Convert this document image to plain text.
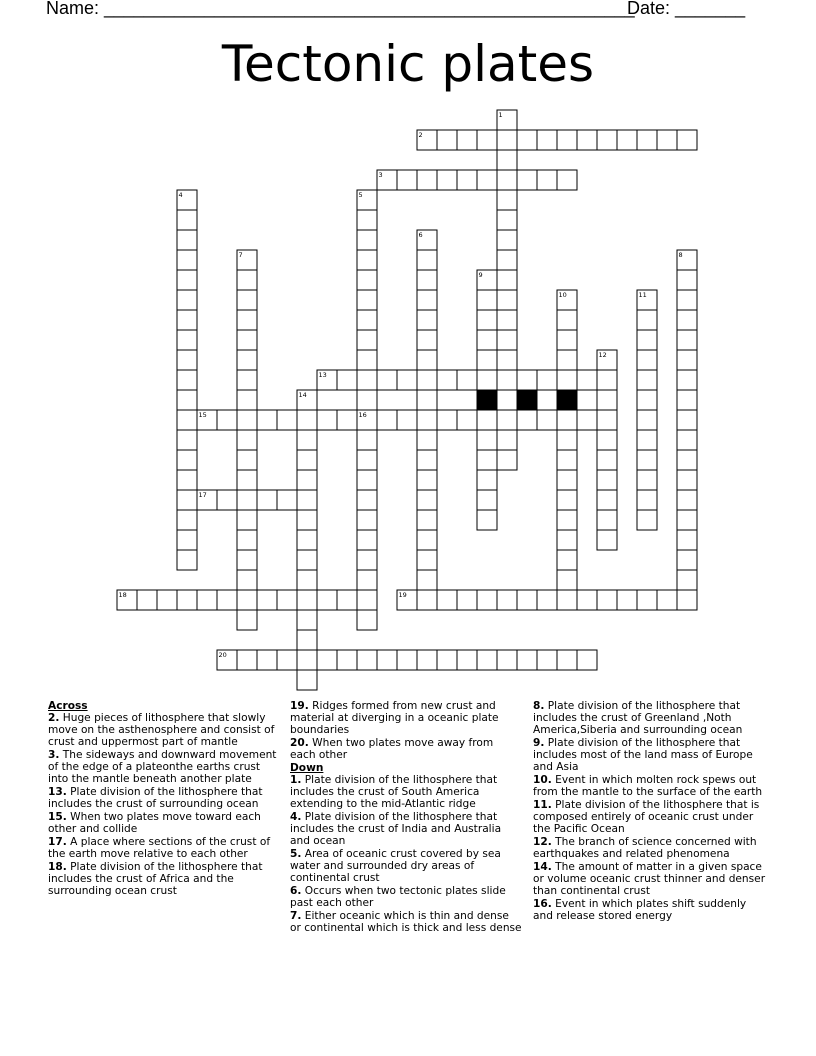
Name: _____________________________________________________
Date: _______
Tectonic plates
1
2
3
4	5
6
7	8
9
10	11
12
13
14
15	16
17
18	19
20
Across
2. Huge pieces of lithosphere that slowly move on the asthenosphere and consist of crust and uppermost part of mantle
3. The sideways and downward movement of the edge of a plateonthe earths crust into the mantle beneath another plate
13. Plate division of the lithosphere that includes the crust of surrounding ocean
15. When two plates move toward each other and collide
17. A place where sections of the crust of the earth move relative to each other
18. Plate division of the lithosphere that includes the crust of Africa and the surrounding ocean crust
19. Ridges formed from new crust and material at diverging in a oceanic plate boundaries
20. When two plates move away from each other
Down
1. Plate division of the lithosphere that includes the crust of South America extending to the mid-Atlantic ridge
4. Plate division of the lithosphere that includes the crust of India and Australia and ocean
5. Area of oceanic crust covered by sea water and surrounded dry areas of continental crust
6. Occurs when two tectonic plates slide past each other
7. Either oceanic which is thin and dense or continental which is thick and less dense
8. Plate division of the lithosphere that includes the crust of Greenland ,Noth America,Siberia and surrounding ocean
9. Plate division of the lithosphere that includes most of the land mass of Europe and Asia
10. Event in which molten rock spews out from the mantle to the surface of the earth
11. Plate division of the lithosphere that is composed entirely of oceanic crust under the Pacific Ocean
12. The branch of science concerned with earthquakes and related phenomena
14. The amount of matter in a given space or volume oceanic crust thinner and denser than continental crust
16. Event in which plates shift suddenly and release stored energy
